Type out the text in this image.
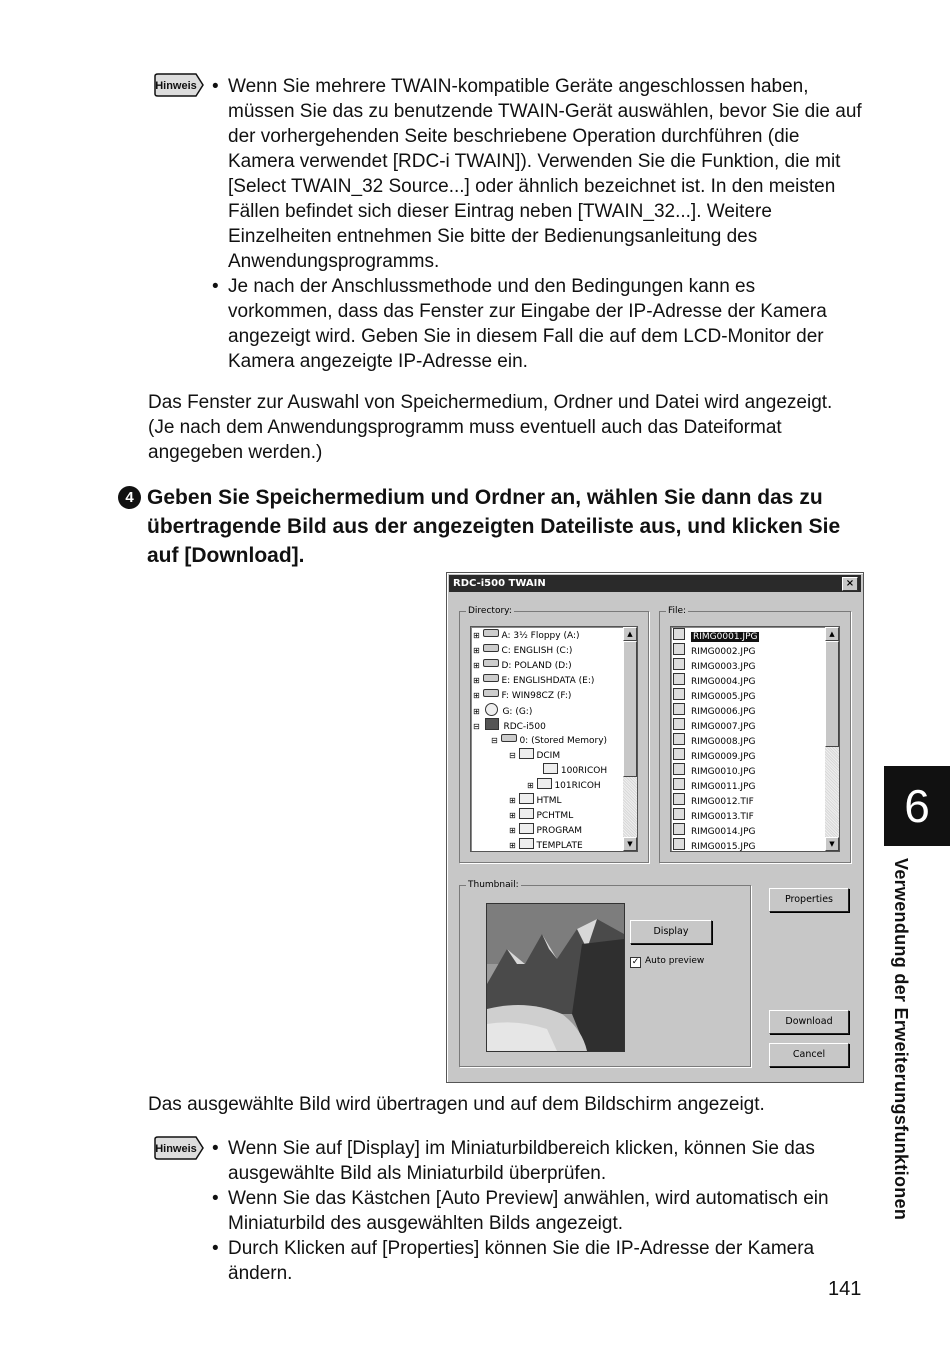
Hinweis	• Wenn Sie mehrere TWAIN-kompatible Geräte angeschlossen haben, müssen Sie das zu benutzende TWAIN-Gerät auswählen, bevor Sie die auf der vorhergehenden Seite beschriebene Operation durchführen (die Kamera verwendet [RDC-i TWAIN]). Verwenden Sie die Funktion, die mit [Select TWAIN_32 Source...] oder ähnlich bezeichnet ist. In den meisten Fällen befindet sich dieser Eintrag neben [TWAIN_32...]. Weitere Einzelheiten entnehmen Sie bitte der Bedienungsanleitung des Anwendungsprogramms.
• Je nach der Anschlussmethode und den Bedingungen kann es vorkommen, dass das Fenster zur Eingabe der IP-Adresse der Kamera angezeigt wird. Geben Sie in diesem Fall die auf dem LCD-Monitor der Kamera angezeigte IP-Adresse ein.

Das Fenster zur Auswahl von Speichermedium, Ordner und Datei wird angezeigt. (Je nach dem Anwendungsprogramm muss eventuell auch das Dateiformat angegeben werden.)

4 Geben Sie Speichermedium und Ordner an, wählen Sie dann das zu übertragende Bild aus der angezeigten Dateiliste aus, und klicken Sie auf [Download].
RDC-i500 TWAIN	×
Directory:
⊞ A: 3½ Floppy (A:)
⊞ C: ENGLISH (C:)
⊞ D: POLAND (D:)
⊞ E: ENGLISHDATA (E:)
⊞ F: WIN98CZ (F:)
⊞	G: (G:)
⊟	RDC-i500
⊟ 0: (Stored Memory)
⊟ DCIM
100RICOH
⊞ 101RICOH
⊞ HTML
⊞ PCHTML
⊞ PROGRAM
⊞ TEMPLATE
▲
▼
File:
RIMG0001.JPG
RIMG0002.JPG
RIMG0003.JPG
RIMG0004.JPG
RIMG0005.JPG
RIMG0006.JPG
RIMG0007.JPG
RIMG0008.JPG
RIMG0009.JPG
RIMG0010.JPG
RIMG0011.JPG
RIMG0012.TIF
RIMG0013.TIF
RIMG0014.JPG
RIMG0015.JPG
▲
▼
Thumbnail:
Display
✓ Auto preview
Properties
Download
Cancel

Das ausgewählte Bild wird übertragen und auf dem Bildschirm angezeigt.

Hinweis	• Wenn Sie auf [Display] im Miniaturbildbereich klicken, können Sie das ausgewählte Bild als Miniaturbild überprüfen.
• Wenn Sie das Kästchen [Auto Preview] anwählen, wird automatisch ein Miniaturbild des ausgewählten Bilds angezeigt.
• Durch Klicken auf [Properties] können Sie die IP-Adresse der Kamera ändern.
6
Verwendung der Erweiterungsfunktionen
141
